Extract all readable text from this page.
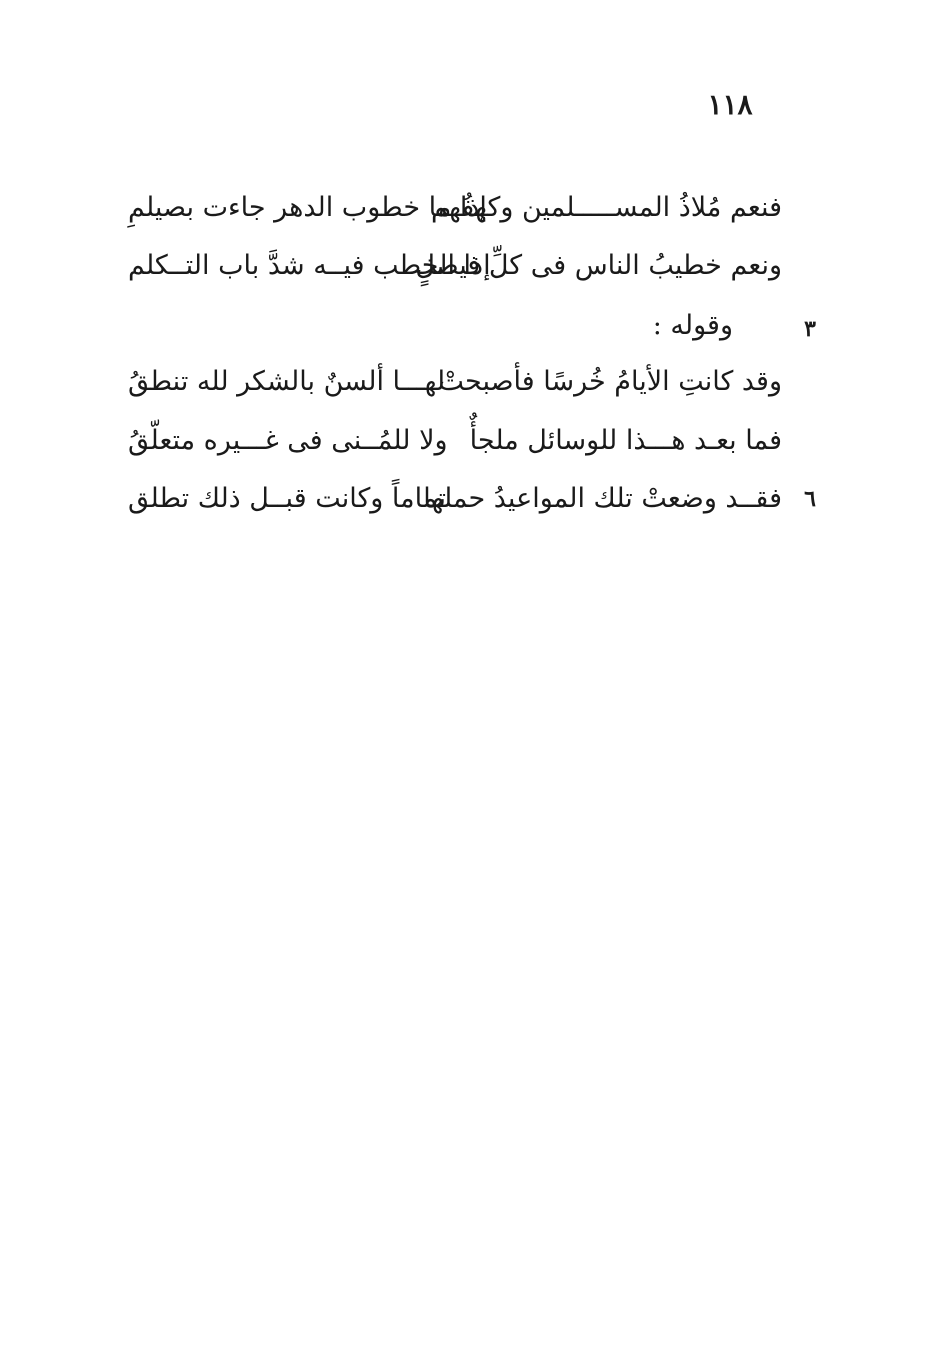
١١٨
فنعم مُلاذُ المســـــلمين وكهفُهم
إذا ما خطوب الدهر جاءت بصيلمِ
ونعم خطيبُ الناس فى كلِّ فيصلٍ
إذا الخطب فيــه شدَّ باب التــكلم
٣
وقوله :
وقد كانتِ الأيامُ خُرسًا فأصبحتْ
لهـــا ألسنٌ بالشكر لله تنطقُ
فما بعـد هـــذا للوسائل ملجأٌ
ولا للمُــنى فى غـــيره متعلّقُ
٦
فقــد وضعتْ تلك المواعيدُ حملها
تماماً وكانت قبــل ذلك تطلق
